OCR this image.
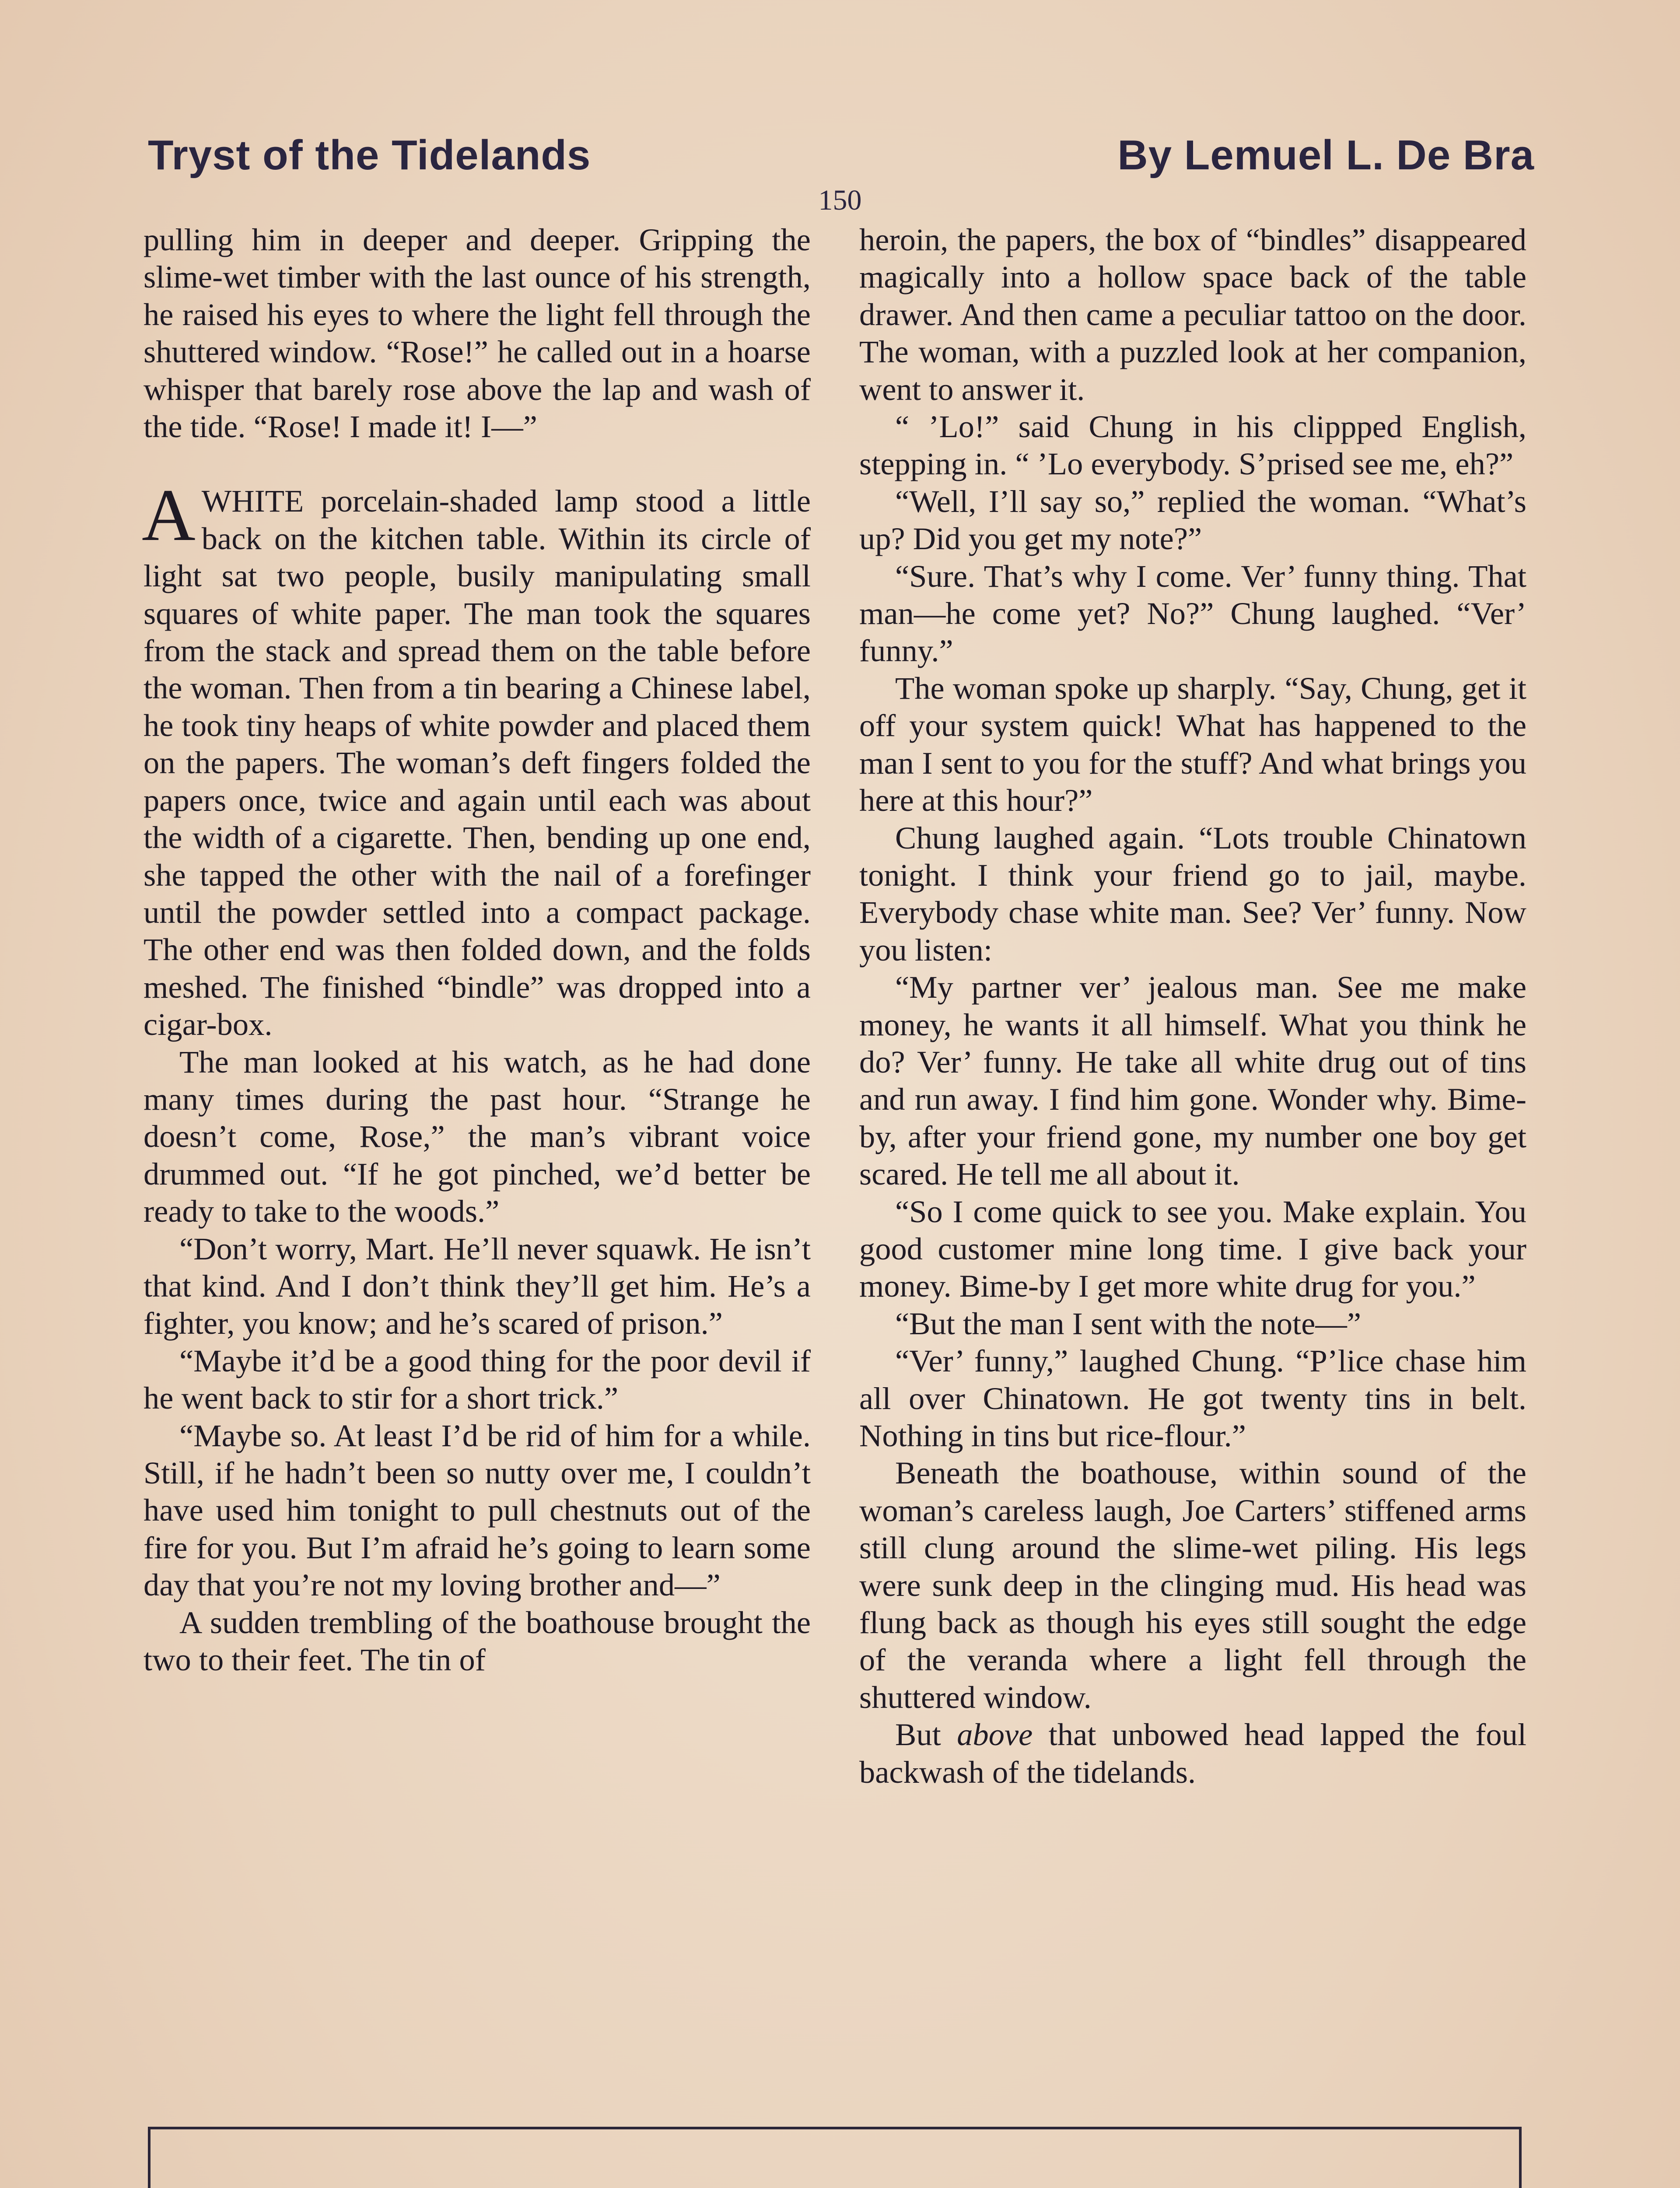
Tryst of the Tidelands	By Lemuel L. De Bra
150

pulling him in deeper and deeper. Gripping the slime-wet timber with the last ounce of his strength, he raised his eyes to where the light fell through the shuttered window. “Rose!” he called out in a hoarse whisper that barely rose above the lap and wash of the tide. “Rose! I made it! I—”

AWHITE porcelain-shaded lamp stood a little back on the kitchen table. Within its circle of light sat two people, busily manipulating small squares of white paper. The man took the squares from the stack and spread them on the table before the woman. Then from a tin bearing a Chinese label, he took tiny heaps of white powder and placed them on the papers. The woman’s deft fingers folded the papers once, twice and again until each was about the width of a cigarette. Then, bending up one end, she tapped the other with the nail of a forefinger until the powder settled into a compact package. The other end was then folded down, and the folds meshed. The finished “bindle” was dropped into a cigar-box.

The man looked at his watch, as he had done many times during the past hour. “Strange he doesn’t come, Rose,” the man’s vibrant voice drummed out. “If he got pinched, we’d better be ready to take to the woods.”

“Don’t worry, Mart. He’ll never squawk. He isn’t that kind. And I don’t think they’ll get him. He’s a fighter, you know; and he’s scared of prison.”

“Maybe it’d be a good thing for the poor devil if he went back to stir for a short trick.”

“Maybe so. At least I’d be rid of him for a while. Still, if he hadn’t been so nutty over me, I couldn’t have used him tonight to pull chestnuts out of the fire for you. But I’m afraid he’s going to learn some day that you’re not my loving brother and—”

A sudden trembling of the boathouse brought the two to their feet. The tin of

heroin, the papers, the box of “bindles” disappeared magically into a hollow space back of the table drawer. And then came a peculiar tattoo on the door. The woman, with a puzzled look at her companion, went to answer it.

“ ’Lo!” said Chung in his clippped English, stepping in. “ ’Lo everybody. S’prised see me, eh?”

“Well, I’ll say so,” replied the woman. “What’s up? Did you get my note?”

“Sure. That’s why I come. Ver’ funny thing. That man—he come yet? No?” Chung laughed. “Ver’ funny.”

The woman spoke up sharply. “Say, Chung, get it off your system quick! What has happened to the man I sent to you for the stuff? And what brings you here at this hour?”

Chung laughed again. “Lots trouble Chinatown tonight. I think your friend go to jail, maybe. Everybody chase white man. See? Ver’ funny. Now you listen:

“My partner ver’ jealous man. See me make money, he wants it all himself. What you think he do? Ver’ funny. He take all white drug out of tins and run away. I find him gone. Wonder why. Bime-by, after your friend gone, my number one boy get scared. He tell me all about it.

“So I come quick to see you. Make explain. You good customer mine long time. I give back your money. Bime-by I get more white drug for you.”

“But the man I sent with the note—”

“Ver’ funny,” laughed Chung. “P’lice chase him all over Chinatown. He got twenty tins in belt. Nothing in tins but rice-flour.”

Beneath the boathouse, within sound of the woman’s careless laugh, Joe Carters’ stiffened arms still clung around the slime-wet piling. His legs were sunk deep in the clinging mud. His head was flung back as though his eyes still sought the edge of the veranda where a light fell through the shuttered window.

But above that unbowed head lapped the foul backwash of the tidelands.
